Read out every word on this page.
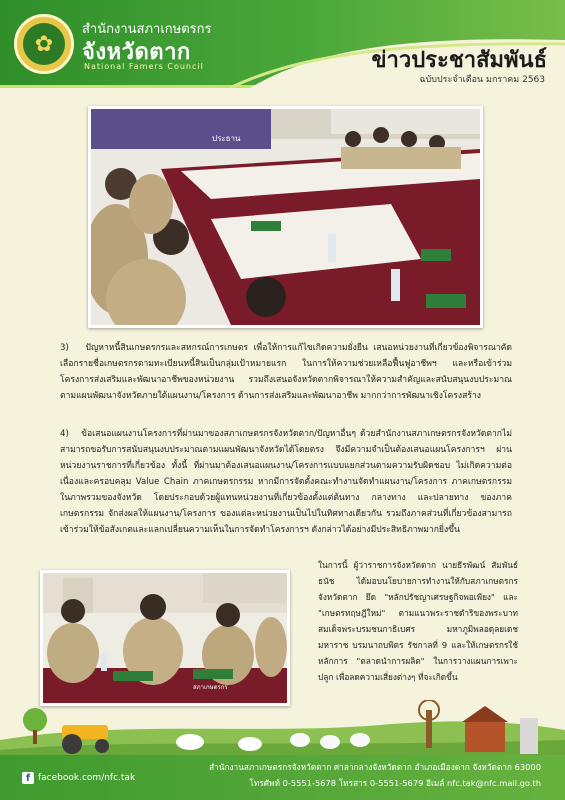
✿
สำนักงานสภาเกษตรกร
จังหวัดตาก
National Famers Council	ข่าวประชาสัมพันธ์
ฉบับประจำเดือน มกราคม 2563
ประธาน
3)   ปัญหาหนี้สินเกษตรกรและสหกรณ์การเกษตร เพื่อให้การแก้ไขเกิดความยั่งยืน เสนอหน่วยงานที่เกี่ยวข้องพิจารณาคัดเลือกรายชื่อเกษตรกรตามทะเบียนหนี้สินเป็นกลุ่มเป้าหมายแรก ในการให้ความช่วยเหลือฟื้นฟูอาชีพฯ และหรือเข้าร่วมโครงการส่งเสริมและพัฒนาอาชีพของหน่วยงาน รวมถึงเสนอจังหวัดตากพิจารณาให้ความสำคัญและสนับสนุนงบประมาณตามแผนพัฒนาจังหวัดภายใต้แผนงาน/โครงการ ด้านการส่งเสริมและพัฒนาอาชีพ มากกว่าการพัฒนาเชิงโครงสร้าง
4)   ข้อเสนอแผนงานโครงการที่ผ่านมาของสภาเกษตรกรจังหวัดตาก/ปัญหาอื่นๆ ด้วยสำนักงานสภาเกษตรกรจังหวัดตากไม่สามารถขอรับการสนับสนุนงบประมาณตามแผนพัฒนาจังหวัดได้โดยตรง จึงมีความจำเป็นต้องเสนอแผนโครงการฯ ผ่านหน่วยงานราชการที่เกี่ยวข้อง ทั้งนี้ ที่ผ่านมาต้องเสนอแผนงาน/โครงการแบบแยกส่วนตามความรับผิดชอบ ไม่เกิดความต่อเนื่องและครอบคลุม Value Chain ภาคเกษตรกรรม หากมีการจัดตั้งคณะทำงานจัดทำแผนงาน/โครงการ ภาคเกษตรกรรมในภาพรวมของจังหวัด โดยประกอบด้วยผู้แทนหน่วยงานที่เกี่ยวข้องตั้งแต่ต้นทาง กลางทาง และปลายทาง ของภาคเกษตรกรรม จักส่งผลให้แผนงาน/โครงการ ของแต่ละหน่วยงานเป็นไปในทิศทางเดียวกัน รวมถึงภาคส่วนที่เกี่ยวข้องสามารถเข้าร่วมให้ข้อสังเกตและแลกเปลี่ยนความเห็นในการจัดทำโครงการฯ ดังกล่าวได้อย่างมีประสิทธิภาพมากยิ่งขึ้น
สภาเกษตรกร
ในการนี้ ผู้ว่าราชการจังหวัดตาก นายธีรพัฒน์ สัมพันธ์ธนัช ได้มอบนโยบายการทำงานให้กับสภาเกษตรกรจังหวัดตาก ยึด "หลักปรัชญาเศรษฐกิจพอเพียง" และ "เกษตรทฤษฎีใหม่" ตามแนวพระราชดำริของพระบาทสมเด็จพระบรมชนกาธิเบศร มหาภูมิพลอดุลยเดชมหาราช บรมนาถบพิตร รัชกาลที่ 9 และให้เกษตรกรใช้หลักการ "ตลาดนำการผลิต" ในการวางแผนการเพาะปลูก เพื่อลดความเสี่ยงต่างๆ ที่จะเกิดขึ้น
f facebook.com/nfc.tak
สำนักงานสภาเกษตรกรจังหวัดตาก ศาลากลางจังหวัดตาก อำเภอเมืองตาก จังหวัดตาก 63000
โทรศัพท์ 0-5551-5678 โทรสาร 0-5551-5679 อีเมล์ nfc.tak@nfc.mail.go.th
